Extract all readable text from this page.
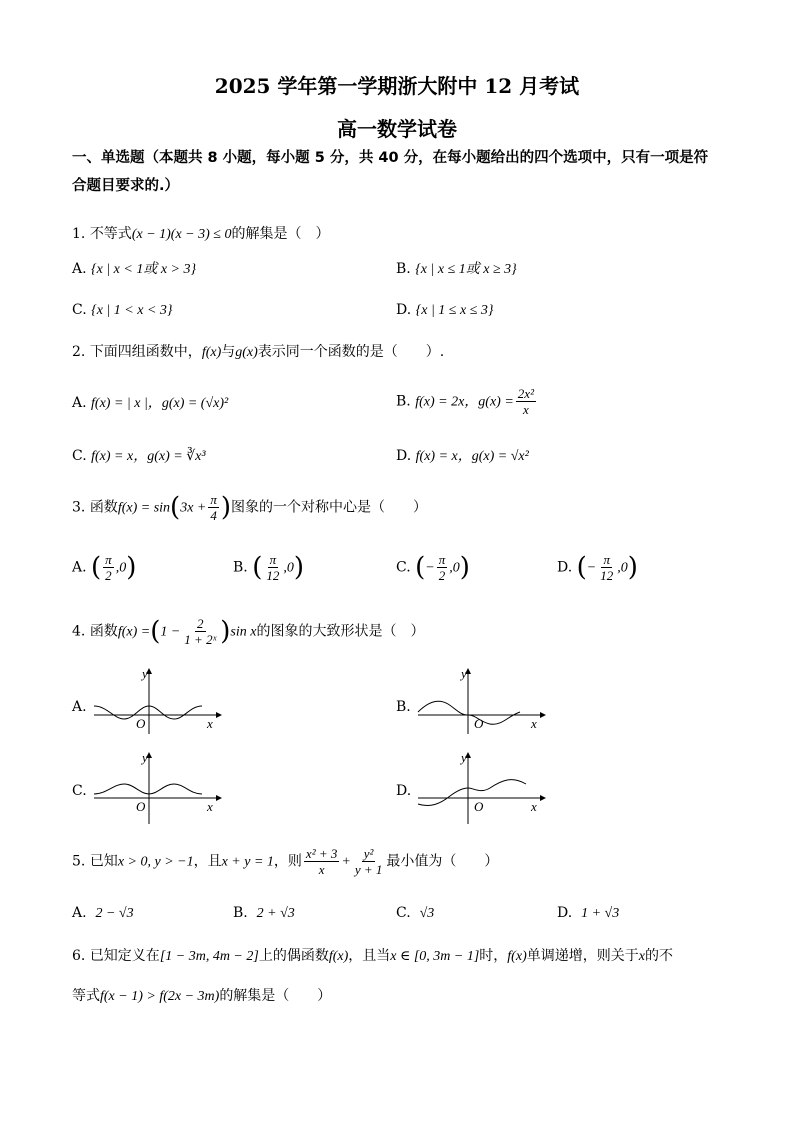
2025 学年第一学期浙大附中 12 月考试
高一数学试卷
一、单选题（本题共 8 小题，每小题 5 分，共 40 分，在每小题给出的四个选项中，只有一项是符合题目要求的.）
1. 不等式(x − 1)(x − 3) ≤ 0的解集是（　）
A. {x | x < 1或 x > 3}	B. {x | x ≤ 1或 x ≥ 3}
C. {x | 1 < x < 3}	D. {x | 1 ≤ x ≤ 3}
2. 下面四组函数中，f(x)与g(x)表示同一个函数的是（　　）.
A. f(x) = | x |，g(x) = (√x)²	B. f(x) = 2x，$g(x) = \frac{\text{2x²}}{x}$
C. f(x) = x，g(x) = ∛x³	D. f(x) = x，g(x) = √x²
3. 函数$f(x) = \sin(3x + \frac{\pi}{4}$ )图象的一个对称中心是（　　）
A. ( $\frac{\pi}{2} ,0$)	B. ( $\frac{\pi}{12} ,0$)	C. (− $\frac{\pi}{2} ,0$)	D. (− $\frac{\pi}{12} ,0$)
4. 函数$f(x) =(1 - \frac{2}{\text{1 + 2ˣ}} )\sin$ x的图象的大致形状是（　）
A.
y
x
O
B.
y
x
O
C.
y
x
O
D.
y
x
O
5. 已知x > 0, y > −1，且x + y = 1，则 $\frac{\text{x² + 3}}{x} + \frac{\text{y²}}{y + 1}$ 最小值为（　　）
A. 2 − √3	B. 2 + √3	C. √3	D. 1 + √3
6. 已知定义在[1 − 3m, 4m − 2]上的偶函数f(x)，且当x ∈ [0, 3m − 1]时，f(x)单调递增，则关于x的不
等式f(x − 1) > f(2x − 3m)的解集是（　　）
